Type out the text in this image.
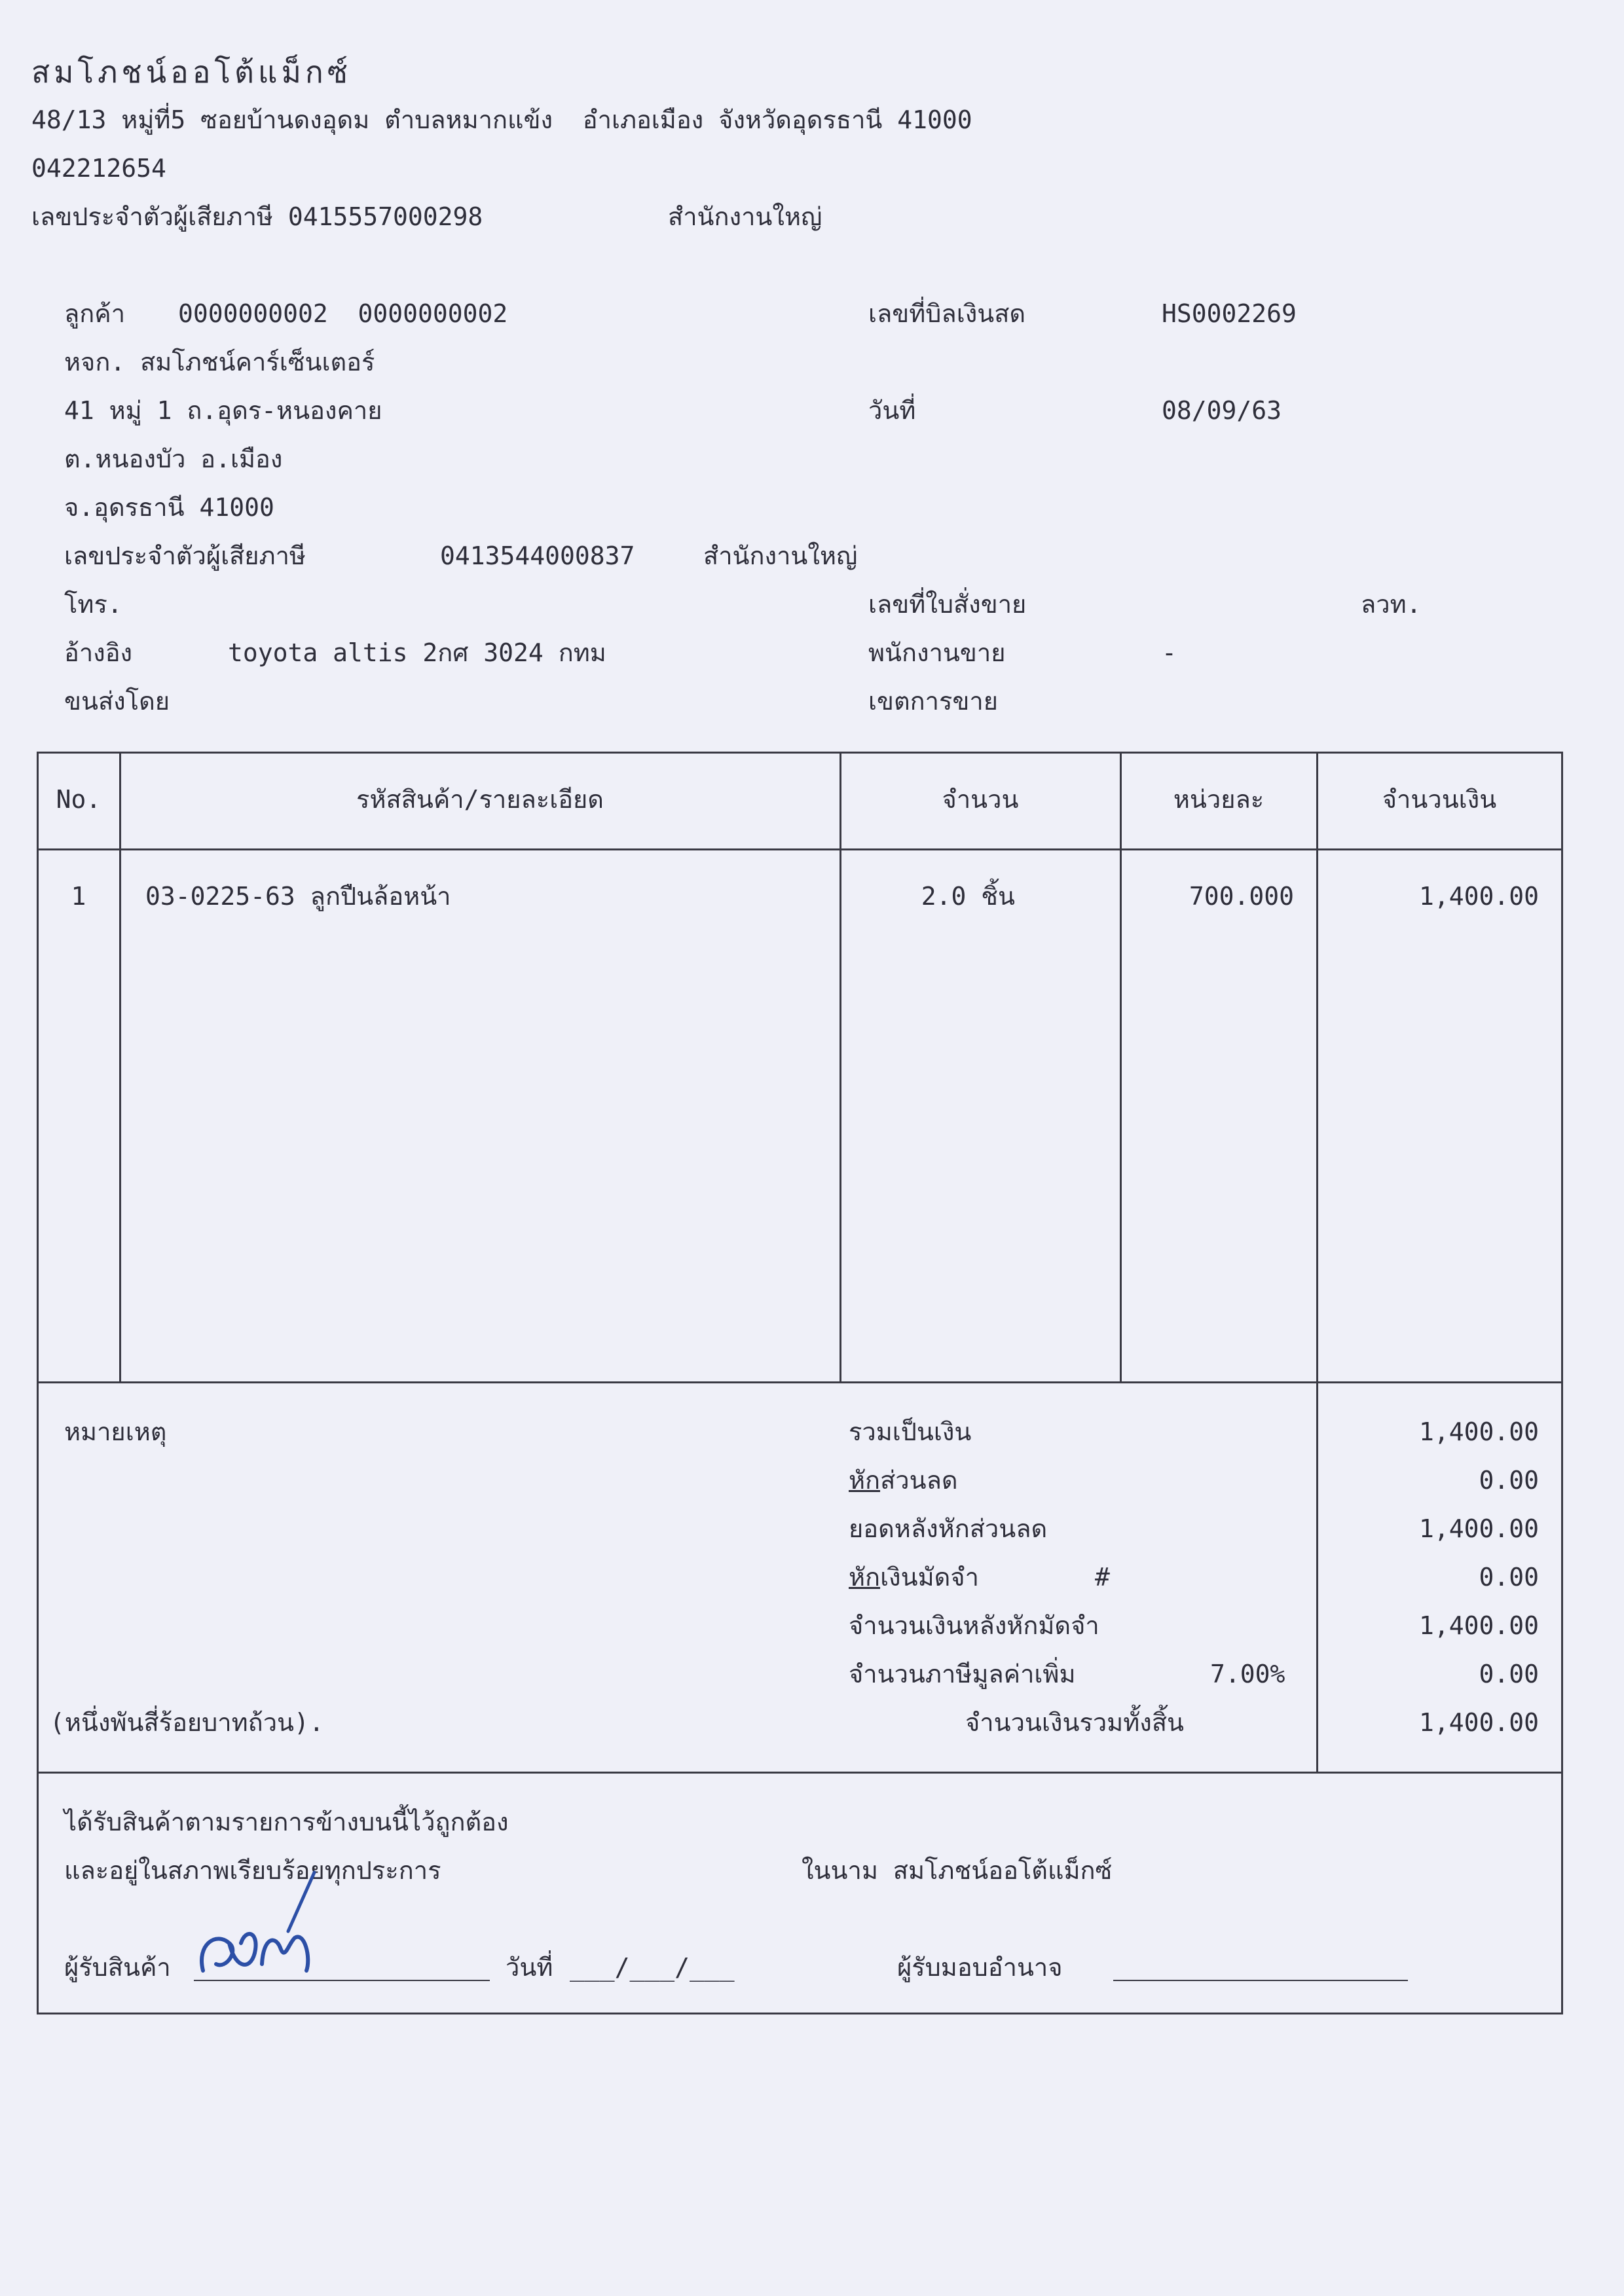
สมโภชน์ออโต้แม็กซ์
48/13 หมู่ที่5 ซอยบ้านดงอุดม ตำบลหมากแข้ง  อำเภอเมือง จังหวัดอุดรธานี 41000
042212654
เลขประจำตัวผู้เสียภาษี 0415557000298	สำนักงานใหญ่
ลูกค้า 0000000002  0000000002
หจก. สมโภชน์คาร์เซ็นเตอร์
41 หมู่ 1 ถ.อุดร-หนองคาย
ต.หนองบัว อ.เมือง
จ.อุดรธานี 41000
เลขประจำตัวผู้เสียภาษี	0413544000837	สำนักงานใหญ่
โทร.
อ้างอิง	toyota altis 2กศ 3024 กทม
ขนส่งโดย
เลขที่บิลเงินสด	HS0002269
วันที่	08/09/63
เลขที่ใบสั่งขาย	ลวท.
พนักงานขาย	-
เขตการขาย
No.	รหัสสินค้า/รายละเอียด	จำนวน	หน่วยละ	จำนวนเงิน
1	03-0225-63 ลูกปืนล้อหน้า	2.0 ชิ้น	700.000	1,400.00
หมายเหตุ	รวมเป็นเงิน	1,400.00
หักส่วนลด	0.00
ยอดหลังหักส่วนลด	1,400.00
หักเงินมัดจำ	#	0.00
จำนวนเงินหลังหักมัดจำ	1,400.00
จำนวนภาษีมูลค่าเพิ่ม	7.00%	0.00
(หนึ่งพันสี่ร้อยบาทถ้วน).	จำนวนเงินรวมทั้งสิ้น	1,400.00
ได้รับสินค้าตามรายการข้างบนนี้ไว้ถูกต้อง
และอยู่ในสภาพเรียบร้อยทุกประการ	ในนาม สมโภชน์ออโต้แม็กซ์
ผู้รับสินค้า	วันที่ ___/___/___	ผู้รับมอบอำนาจ
